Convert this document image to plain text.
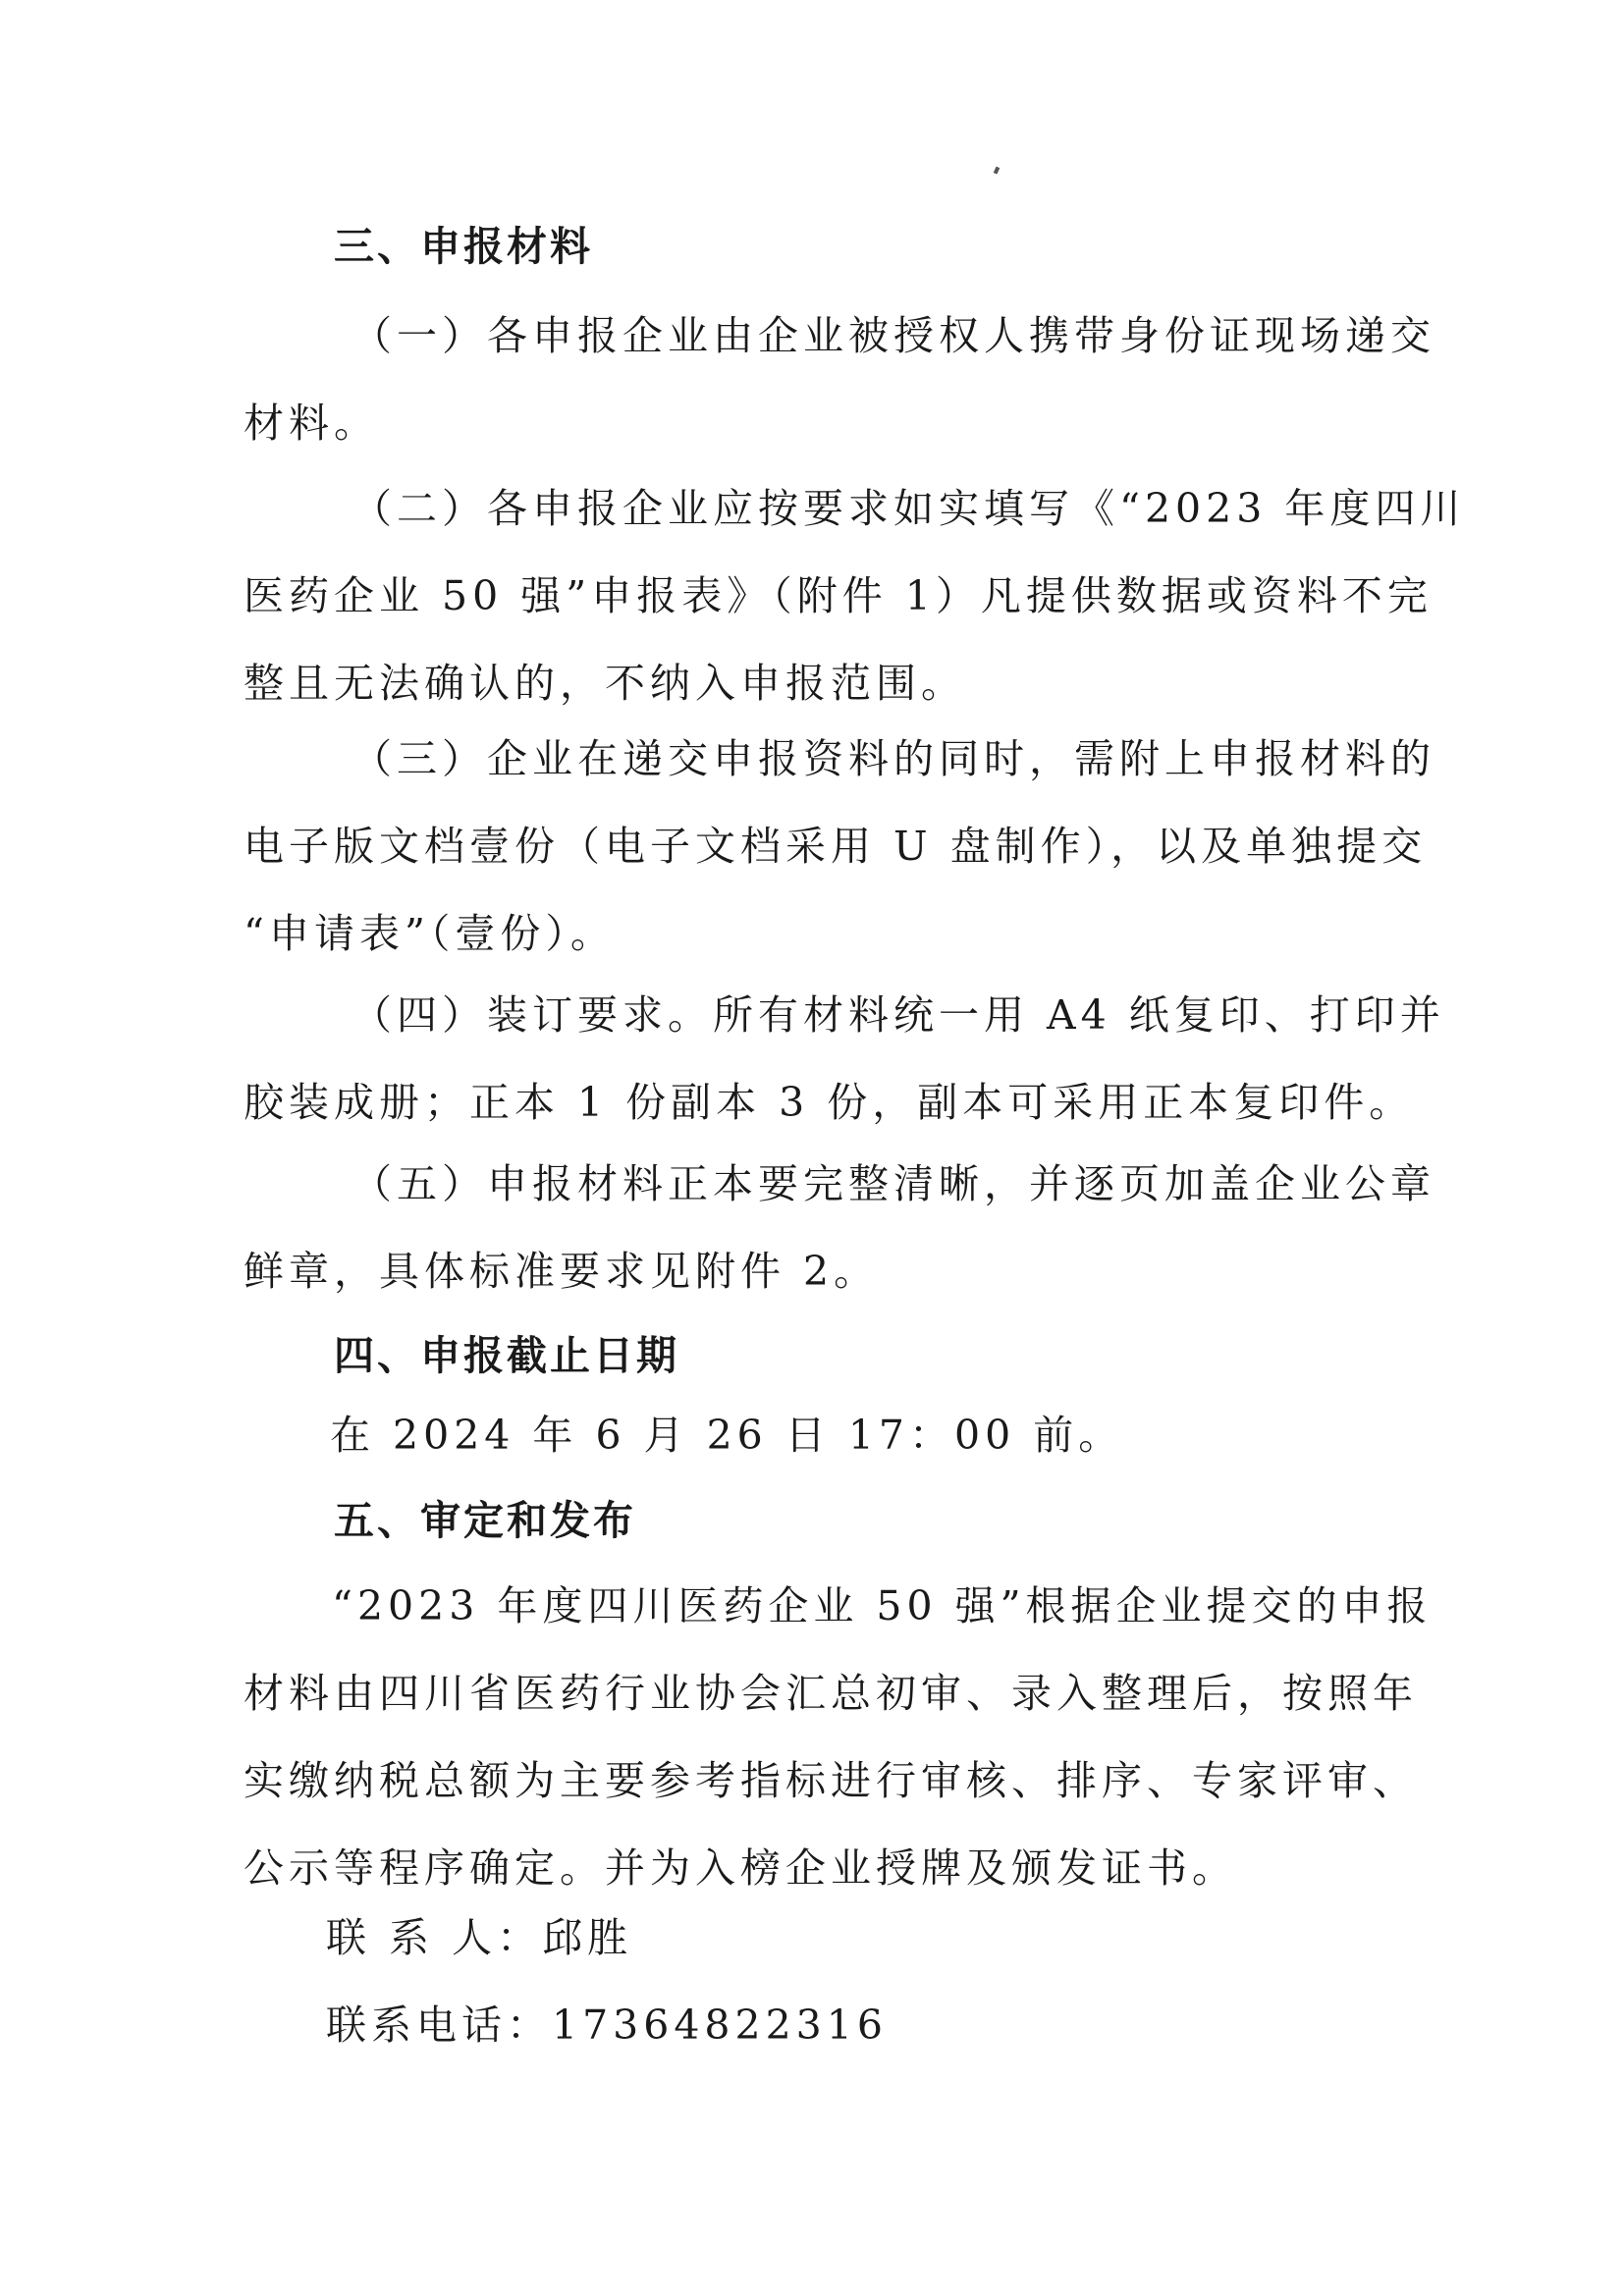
三、申报材料
（一）各申报企业由企业被授权人携带身份证现场递交
材料。
（二）各申报企业应按要求如实填写《“2023 年度四川
医药企业 50 强”申报表》（附件 1）凡提供数据或资料不完
整且无法确认的，不纳入申报范围。
（三）企业在递交申报资料的同时，需附上申报材料的
电子版文档壹份（电子文档采用 U 盘制作），以及单独提交
“申请表”（壹份）。
（四）装订要求。所有材料统一用 A4 纸复印、打印并
胶装成册；正本 1 份副本 3 份，副本可采用正本复印件。
（五）申报材料正本要完整清晰，并逐页加盖企业公章
鲜章，具体标准要求见附件 2。
四、申报截止日期
在 2024 年 6 月 26 日 17：00 前。
五、审定和发布
“2023 年度四川医药企业 50 强”根据企业提交的申报
材料由四川省医药行业协会汇总初审、录入整理后，按照年
实缴纳税总额为主要参考指标进行审核、排序、专家评审、
公示等程序确定。并为入榜企业授牌及颁发证书。
联 系 人：邱胜
联系电话：17364822316
